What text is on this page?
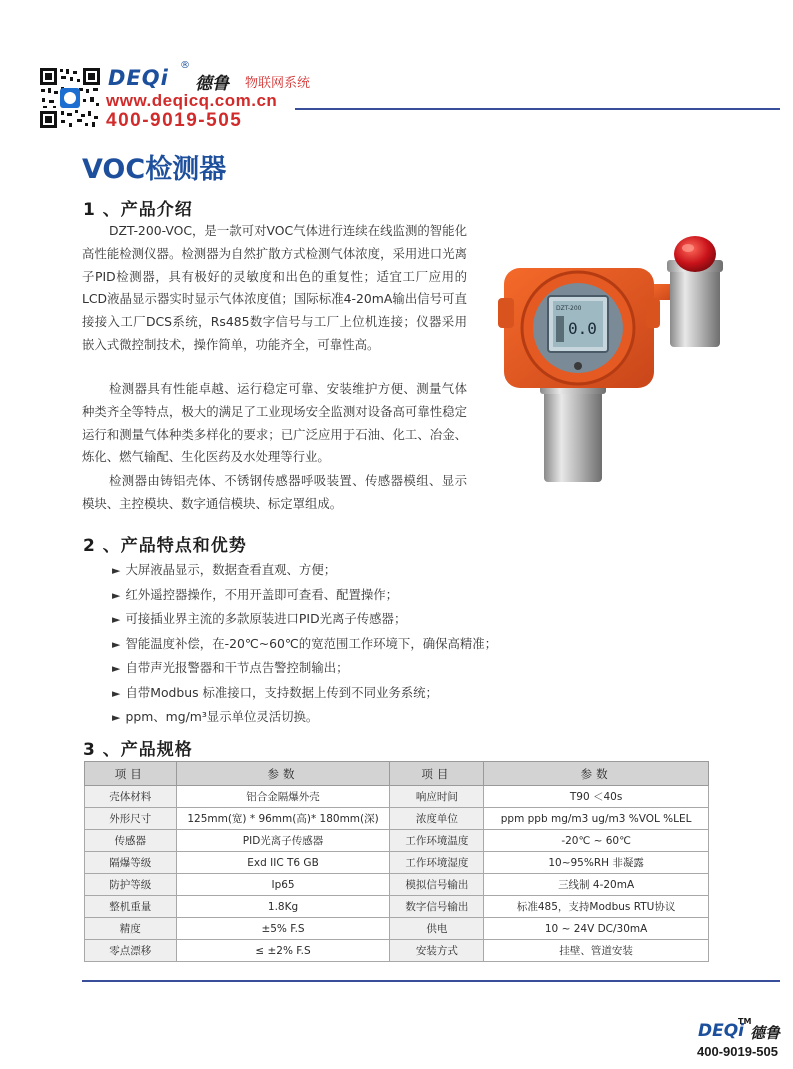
DEQi
®
德鲁 物联网系统
www.deqicq.com.cn
400-9019-505
VOC检测器
1 、产品介绍
DZT-200-VOC，是一款可对VOC气体进行连续在线监测的智能化高性能检测仪器。检测器为自然扩散方式检测气体浓度，采用进口光离子PID检测器，具有极好的灵敏度和出色的重复性；适宜工厂应用的LCD液晶显示器实时显示气体浓度值；国际标准4-20mA输出信号可直接接入工厂DCS系统，Rs485数字信号与工厂上位机连接；仪器采用嵌入式微控制技术，操作简单，功能齐全，可靠性高。
检测器具有性能卓越、运行稳定可靠、安装维护方便、测量气体种类齐全等特点，极大的满足了工业现场安全监测对设备高可靠性稳定运行和测量气体种类多样化的要求；已广泛应用于石油、化工、冶金、炼化、燃气输配、生化医药及水处理等行业。
检测器由铸铝壳体、不锈钢传感器呼吸装置、传感器模组、显示模块、主控模块、数字通信模块、标定罩组成。
DZT-200
0.0
2 、产品特点和优势
► 大屏液晶显示，数据查看直观、方便；
► 红外遥控器操作，不用开盖即可查看、配置操作；
► 可接插业界主流的多款原装进口PID光离子传感器；
► 智能温度补偿，在-20℃~60℃的宽范围工作环境下，确保高精准；
► 自带声光报警器和干节点告警控制输出；
► 自带Modbus 标准接口，支持数据上传到不同业务系统；
► ppm、mg/m³显示单位灵活切换。
3 、产品规格
项目	参数	项目	参数
壳体材料	铝合金隔爆外壳	响应时间	T90 ＜40s
外形尺寸	125mm(宽) * 96mm(高)* 180mm(深)	浓度单位	ppm ppb mg/m3 ug/m3 %VOL %LEL
传感器	PID光离子传感器	工作环境温度	-20℃ ~ 60℃
隔爆等级	Exd IIC T6 GB	工作环境湿度	10~95%RH 非凝露
防护等级	Ip65	模拟信号输出	三线制 4-20mA
整机重量	1.8Kg	数字信号输出	标准485，支持Modbus RTU协议
精度	±5% F.S	供电	10 ~ 24V DC/30mA
零点漂移	≤ ±2% F.S	安装方式	挂壁、管道安装
DEQi
TM
德鲁
400-9019-505
